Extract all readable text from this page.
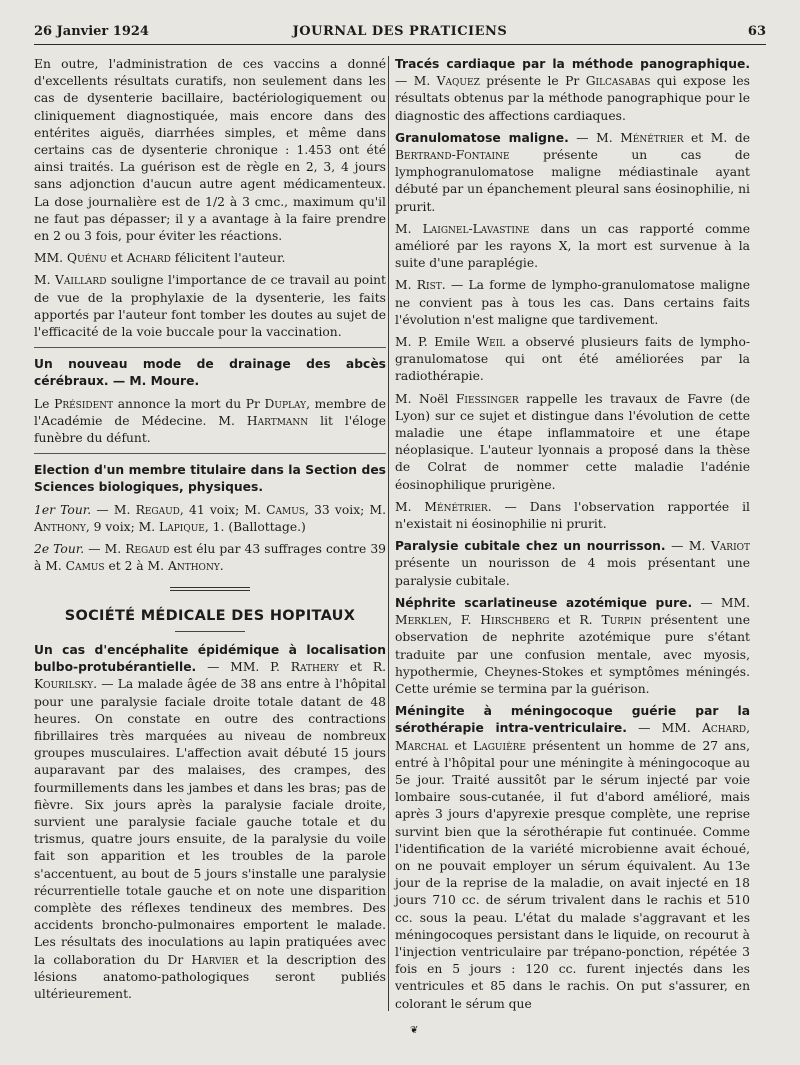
26 Janvier 1924	JOURNAL DES PRATICIENS	63

En outre, l'administration de ces vaccins a donné d'excellents résultats curatifs, non seulement dans les cas de dysenterie bacillaire, bactériologiquement ou cliniquement diagnostiquée, mais encore dans des entérites aiguës, diarrhées simples, et même dans certains cas de dysenterie chronique : 1.453 ont été ainsi traités. La guérison est de règle en 2, 3, 4 jours sans adjonction d'aucun autre agent médicamenteux. La dose journalière est de 1/2 à 3 cmc., maximum qu'il ne faut pas dépasser; il y a avantage à la faire prendre en 2 ou 3 fois, pour éviter les réactions.

MM. Quénu et Achard félicitent l'auteur.

M. Vaillard souligne l'importance de ce travail au point de vue de la prophylaxie de la dysenterie, les faits apportés par l'auteur font tomber les doutes au sujet de l'efficacité de la voie buccale pour la vaccination.

Un nouveau mode de drainage des abcès cérébraux. — M. Moure.

Le Président annonce la mort du Pr Duplay, membre de l'Académie de Médecine. M. Hartmann lit l'éloge funèbre du défunt.

Election d'un membre titulaire dans la Section des Sciences biologiques, physiques.

1er Tour. — M. Regaud, 41 voix; M. Camus, 33 voix; M. Anthony, 9 voix; M. Lapique, 1. (Ballottage.)

2e Tour. — M. Regaud est élu par 43 suffrages contre 39 à M. Camus et 2 à M. Anthony.

SOCIÉTÉ MÉDICALE DES HOPITAUX

Un cas d'encéphalite épidémique à localisation bulbo-protubérantielle. — MM. P. Rathery et R. Kourilsky. — La malade âgée de 38 ans entre à l'hôpital pour une paralysie faciale droite totale datant de 48 heures. On constate en outre des contractions fibrillaires très marquées au niveau de nombreux groupes musculaires. L'affection avait débuté 15 jours auparavant par des malaises, des crampes, des fourmillements dans les jambes et dans les bras; pas de fièvre. Six jours après la paralysie faciale droite, survient une paralysie faciale gauche totale et du trismus, quatre jours ensuite, de la paralysie du voile fait son apparition et les troubles de la parole s'accentuent, au bout de 5 jours s'installe une paralysie récurrentielle totale gauche et on note une disparition complète des réflexes tendineux des membres. Des accidents broncho-pulmonaires emportent le malade. Les résultats des inoculations au lapin pratiquées avec la collaboration du Dr Harvier et la description des lésions anatomo-pathologiques seront publiés ultérieurement.

Tracés cardiaque par la méthode panographique. — M. Vaquez présente le Pr Gilcasabas qui expose les résultats obtenus par la méthode panographique pour le diagnostic des affections cardiaques.

Granulomatose maligne. — M. Ménétrier et M. de Bertrand-Fontaine présente un cas de lymphogranulomatose maligne médiastinale ayant débuté par un épanchement pleural sans éosinophilie, ni prurit.

M. Laignel-Lavastine dans un cas rapporté comme amélioré par les rayons X, la mort est survenue à la suite d'une paraplégie.

M. Rist. — La forme de lympho-granulomatose maligne ne convient pas à tous les cas. Dans certains faits l'évolution n'est maligne que tardivement.

M. P. Emile Weil a observé plusieurs faits de lympho-granulomatose qui ont été améliorées par la radiothérapie.

M. Noël Fiessinger rappelle les travaux de Favre (de Lyon) sur ce sujet et distingue dans l'évolution de cette maladie une étape inflammatoire et une étape néoplasique. L'auteur lyonnais a proposé dans la thèse de Colrat de nommer cette maladie l'adénie éosinophilique prurigène.

M. Ménétrier. — Dans l'observation rapportée il n'existait ni éosinophilie ni prurit.

Paralysie cubitale chez un nourrisson. — M. Variot présente un nourisson de 4 mois présentant une paralysie cubitale.

Néphrite scarlatineuse azotémique pure. — MM. Merklen, F. Hirschberg et R. Turpin présentent une observation de nephrite azotémique pure s'étant traduite par une confusion mentale, avec myosis, hypothermie, Cheynes-Stokes et symptômes méningés. Cette urémie se termina par la guérison.

Méningite à méningocoque guérie par la sérothérapie intra-ventriculaire. — MM. Achard, Marchal et Laguière présentent un homme de 27 ans, entré à l'hôpital pour une méningite à méningocoque au 5e jour. Traité aussitôt par le sérum injecté par voie lombaire sous-cutanée, il fut d'abord amélioré, mais après 3 jours d'apyrexie presque complète, une reprise survint bien que la sérothérapie fut continuée. Comme l'identification de la variété microbienne avait échoué, on ne pouvait employer un sérum équivalent. Au 13e jour de la reprise de la maladie, on avait injecté en 18 jours 710 cc. de sérum trivalent dans le rachis et 510 cc. sous la peau. L'état du malade s'aggravant et les méningocoques persistant dans le liquide, on recourut à l'injection ventriculaire par trépano-ponction, répétée 3 fois en 5 jours : 120 cc. furent injectés dans les ventricules et 85 dans le rachis. On put s'assurer, en colorant le sérum que

❦
